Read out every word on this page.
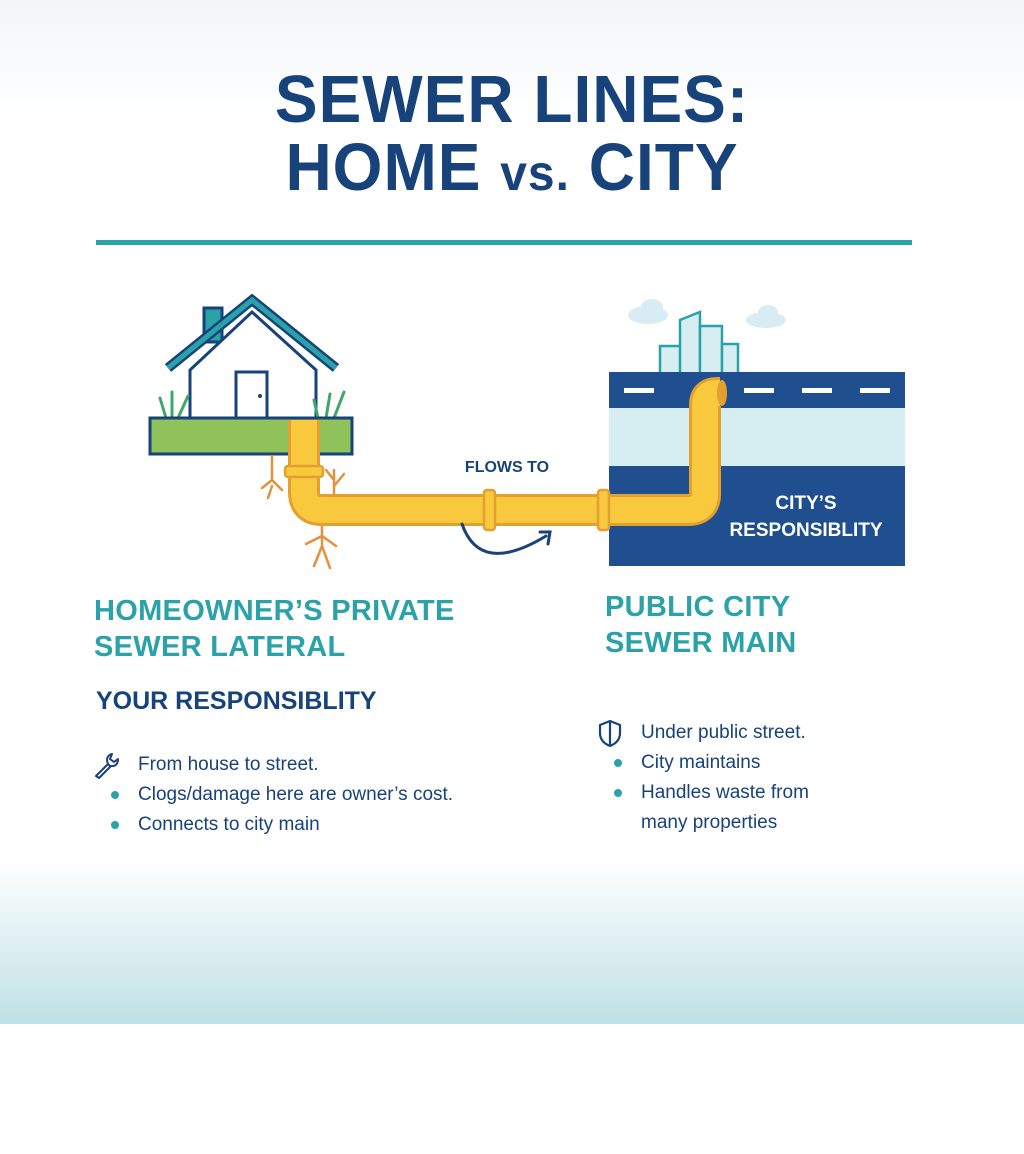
SEWER LINES:
HOME vs. CITY
CITY’S
RESPONSIBLITY
FLOWS TO
HOMEOWNER’S PRIVATE
SEWER LATERAL
YOUR RESPONSIBLITY
From house to street.
Clogs/damage here are owner’s cost.
Connects to city main
PUBLIC CITY
SEWER MAIN
Under public street.
City maintains
Handles waste from
many properties
